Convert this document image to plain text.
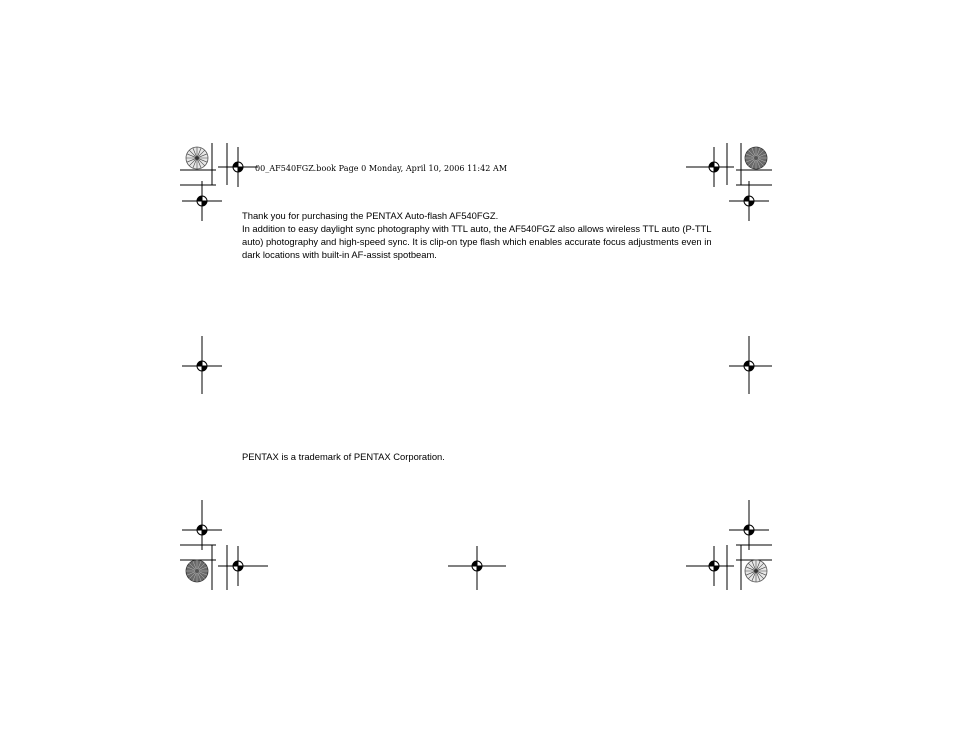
00_AF540FGZ.book Page 0 Monday, April 10, 2006 11:42 AM

Thank you for purchasing the PENTAX Auto-flash AF540FGZ.

In addition to easy daylight sync photography with TTL auto, the AF540FGZ also allows wireless TTL auto (P-TTL auto) photography and high-speed sync. It is clip-on type flash which enables accurate focus adjustments even in dark locations with built-in AF-assist spotbeam.

PENTAX is a trademark of PENTAX Corporation.
